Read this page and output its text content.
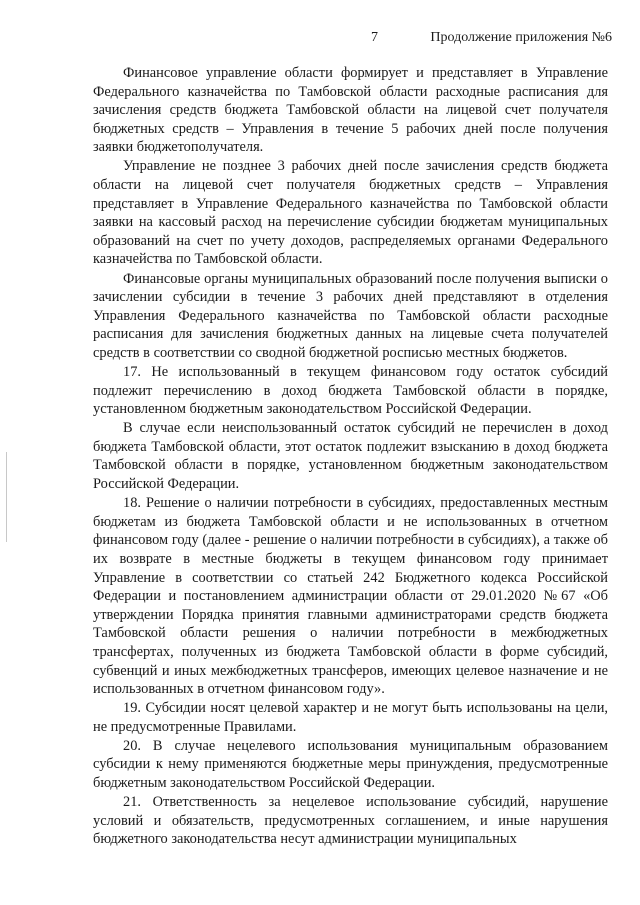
7	Продолжение приложения №6

Финансовое управление области формирует и представляет в Управление Федерального казначейства по Тамбовской области расходные расписания для зачисления средств бюджета Тамбовской области на лицевой счет получателя бюджетных средств – Управления в течение 5 рабочих дней после получения заявки бюджетополучателя.

Управление не позднее 3 рабочих дней после зачисления средств бюджета области на лицевой счет получателя бюджетных средств – Управления представляет в Управление Федерального казначейства по Тамбовской области заявки на кассовый расход на перечисление субсидии бюджетам муниципальных образований на счет по учету доходов, распределяемых органами Федерального казначейства по Тамбовской области.

Финансовые органы муниципальных образований после получения выписки о зачислении субсидии в течение 3 рабочих дней представляют в отделения Управления Федерального казначейства по Тамбовской области расходные расписания для зачисления бюджетных данных на лицевые счета получателей средств в соответствии со сводной бюджетной росписью местных бюджетов.

17. Не использованный в текущем финансовом году остаток субсидий подлежит перечислению в доход бюджета Тамбовской области в порядке, установленном бюджетным законодательством Российской Федерации.

В случае если неиспользованный остаток субсидий не перечислен в доход бюджета Тамбовской области, этот остаток подлежит взысканию в доход бюджета Тамбовской области в порядке, установленном бюджетным законодательством Российской Федерации.

18. Решение о наличии потребности в субсидиях, предоставленных местным бюджетам из бюджета Тамбовской области и не использованных в отчетном финансовом году (далее - решение о наличии потребности в субсидиях), а также об их возврате в местные бюджеты в текущем финансовом году принимает Управление в соответствии со статьей 242 Бюджетного кодекса Российской Федерации и постановлением администрации области от 29.01.2020 №67 «Об утверждении Порядка принятия главными администраторами средств бюджета Тамбовской области решения о наличии потребности в межбюджетных трансфертах, полученных из бюджета Тамбовской области в форме субсидий, субвенций и иных межбюджетных трансферов, имеющих целевое назначение и не использованных в отчетном финансовом году».

19. Субсидии носят целевой характер и не могут быть использованы на цели, не предусмотренные Правилами.

20. В случае нецелевого использования муниципальным образованием субсидии к нему применяются бюджетные меры принуждения, предусмотренные бюджетным законодательством Российской Федерации.

21. Ответственность за нецелевое использование субсидий, нарушение условий и обязательств, предусмотренных соглашением, и иные нарушения бюджетного законодательства несут администрации муниципальных
